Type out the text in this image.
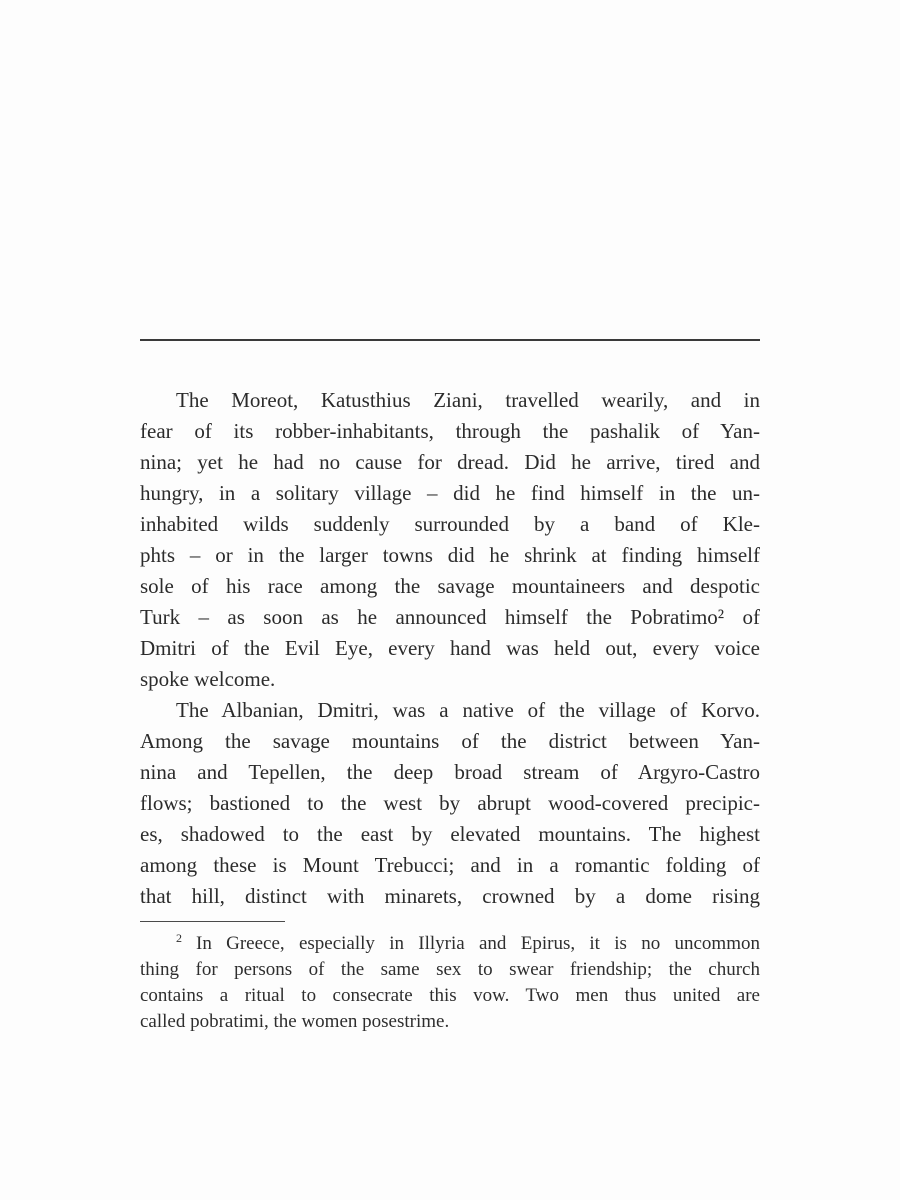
The Moreot, Katusthius Ziani, travelled wearily, and in
fear of its robber-inhabitants, through the pashalik of Yan-
nina; yet he had no cause for dread. Did he arrive, tired and
hungry, in a solitary village – did he find himself in the un-
inhabited wilds suddenly surrounded by a band of Kle-
phts – or in the larger towns did he shrink at finding himself
sole of his race among the savage mountaineers and despotic
Turk – as soon as he announced himself the Pobratimo² of
Dmitri of the Evil Eye, every hand was held out, every voice
spoke welcome.
The Albanian, Dmitri, was a native of the village of Korvo.
Among the savage mountains of the district between Yan-
nina and Tepellen, the deep broad stream of Argyro-Castro
flows; bastioned to the west by abrupt wood-covered precipic-
es, shadowed to the east by elevated mountains. The highest
among these is Mount Trebucci; and in a romantic folding of
that hill, distinct with minarets, crowned by a dome rising
$^2$ In Greece, especially in Illyria and Epirus, it is no uncommon
thing for persons of the same sex to swear friendship; the church
contains a ritual to consecrate this vow. Two men thus united are
called pobratimi, the women posestrime.
